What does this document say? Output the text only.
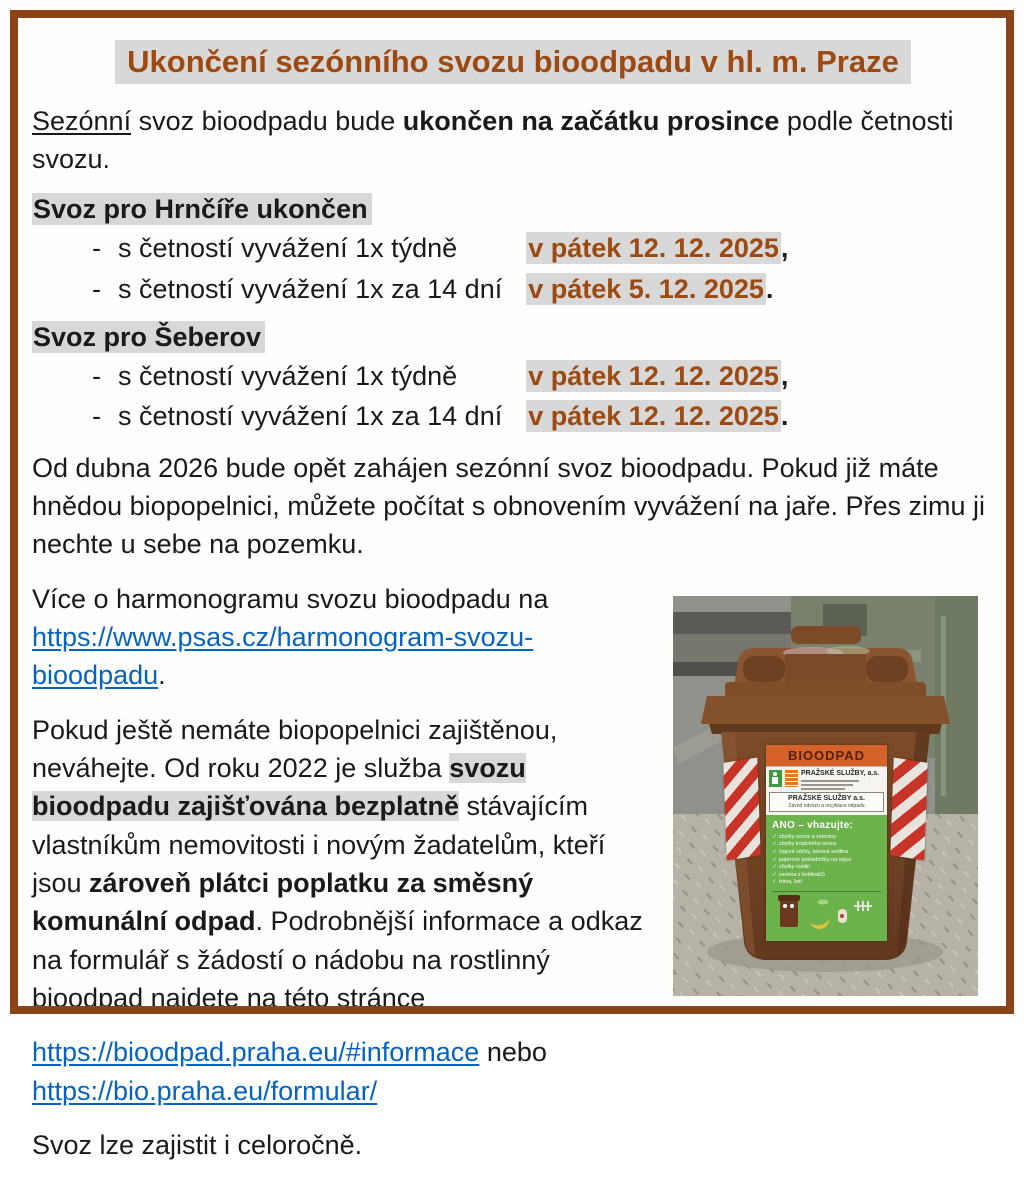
Ukončení sezónního svozu bioodpadu v hl. m. Praze

Sezónní svoz bioodpadu bude ukončen na začátku prosince podle četnosti svozu.

Svoz pro Hrnčíře ukončen
- s četností vyvážení 1x týdně	v pátek 12. 12. 2025,
- s četností vyvážení 1x za 14 dní v pátek 5. 12. 2025.
Svoz pro Šeberov
- s četností vyvážení 1x týdně	v pátek 12. 12. 2025,
- s četností vyvážení 1x za 14 dní v pátek 12. 12. 2025.

Od dubna 2026 bude opět zahájen sezónní svoz bioodpadu. Pokud již máte hnědou biopopelnici, můžete počítat s obnovením vyvážení na jaře. Přes zimu ji nechte u sebe na pozemku.

BIOODPAD
PRAŽSKÉ SLUŽBY, a.s.
PRAŽSKÉ SLUŽBY a.s.
Závod odvozu a recyklace odpadu
ANO – vhazujte:
✓ zbytky ovoce a zeleniny
✓ zbytky tropického ovoce
✓ čajové sáčky, kávová sedlina
✓ papírové pokladničky na vejce
✓ zbytky rostlin
✓ zemina z květináčů
✓ tráva, listí

Více o harmonogramu svozu bioodpadu na
https://www.psas.cz/harmonogram-svozu-bioodpadu.

Pokud ještě nemáte biopopelnici zajištěnou, neváhejte. Od roku 2022 je služba svozu bioodpadu zajišťována bezplatně stávajícím vlastníkům nemovitosti i novým žadatelům, kteří jsou zároveň plátci poplatku za směsný komunální odpad. Podrobnější informace a odkaz na formulář s žádostí o nádobu na rostlinný bioodpad najdete na této stránce

https://bioodpad.praha.eu/#informace nebo
https://bio.praha.eu/formular/

Svoz lze zajistit i celoročně.
